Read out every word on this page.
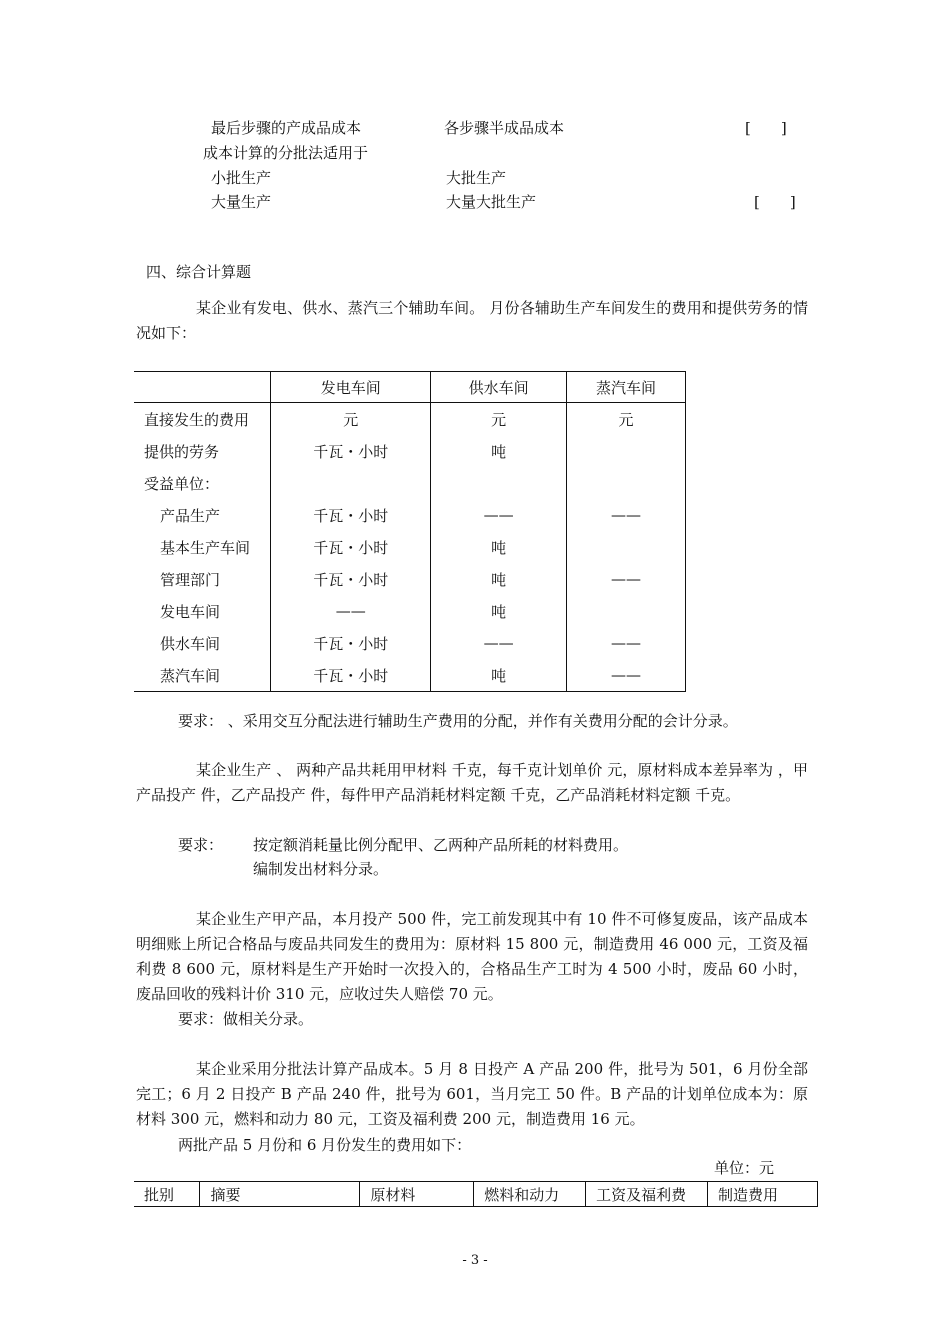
最后步骤的产成品成本	各步骤半成品成本	[　　]
成本计算的分批法适用于
小批生产	大批生产
大量生产	大量大批生产	[　　]
四、综合计算题
某企业有发电、供水、蒸汽三个辅助车间。 月份各辅助生产车间发生的费用和提供劳务的情况如下：
	发电车间	供水车间	蒸汽车间
直接发生的费用	元	元	元
提供的劳务	千瓦・小时	吨	
受益单位：			
产品生产	千瓦・小时	——	——
基本生产车间	千瓦・小时	吨	
管理部门	千瓦・小时	吨	——
发电车间	——	吨	
供水车间	千瓦・小时	——	——
蒸汽车间	千瓦・小时	吨	——
要求： 、采用交互分配法进行辅助生产费用的分配，并作有关费用分配的会计分录。
某企业生产 、 两种产品共耗用甲材料 千克，每千克计划单价 元，原材料成本差异率为 ，甲产品投产 件，乙产品投产 件，每件甲产品消耗材料定额 千克，乙产品消耗材料定额 千克。
要求： 按定额消耗量比例分配甲、乙两种产品所耗的材料费用。
编制发出材料分录。
某企业生产甲产品，本月投产 500 件，完工前发现其中有 10 件不可修复废品，该产品成本明细账上所记合格品与废品共同发生的费用为：原材料 15 800 元，制造费用 46 000 元，工资及福利费 8 600 元，原材料是生产开始时一次投入的，合格品生产工时为 4 500 小时，废品 60 小时，废品回收的残料计价 310 元，应收过失人赔偿 70 元。
要求：做相关分录。
某企业采用分批法计算产品成本。5 月 8 日投产 A 产品 200 件，批号为 501，6 月份全部完工；6 月 2 日投产 B 产品 240 件，批号为 601，当月完工 50 件。B 产品的计划单位成本为：原材料 300 元，燃料和动力 80 元，工资及福利费 200 元，制造费用 16 元。
两批产品 5 月份和 6 月份发生的费用如下：
单位：元
批别	摘要	原材料	燃料和动力	工资及福利费	制造费用
- 3 -
